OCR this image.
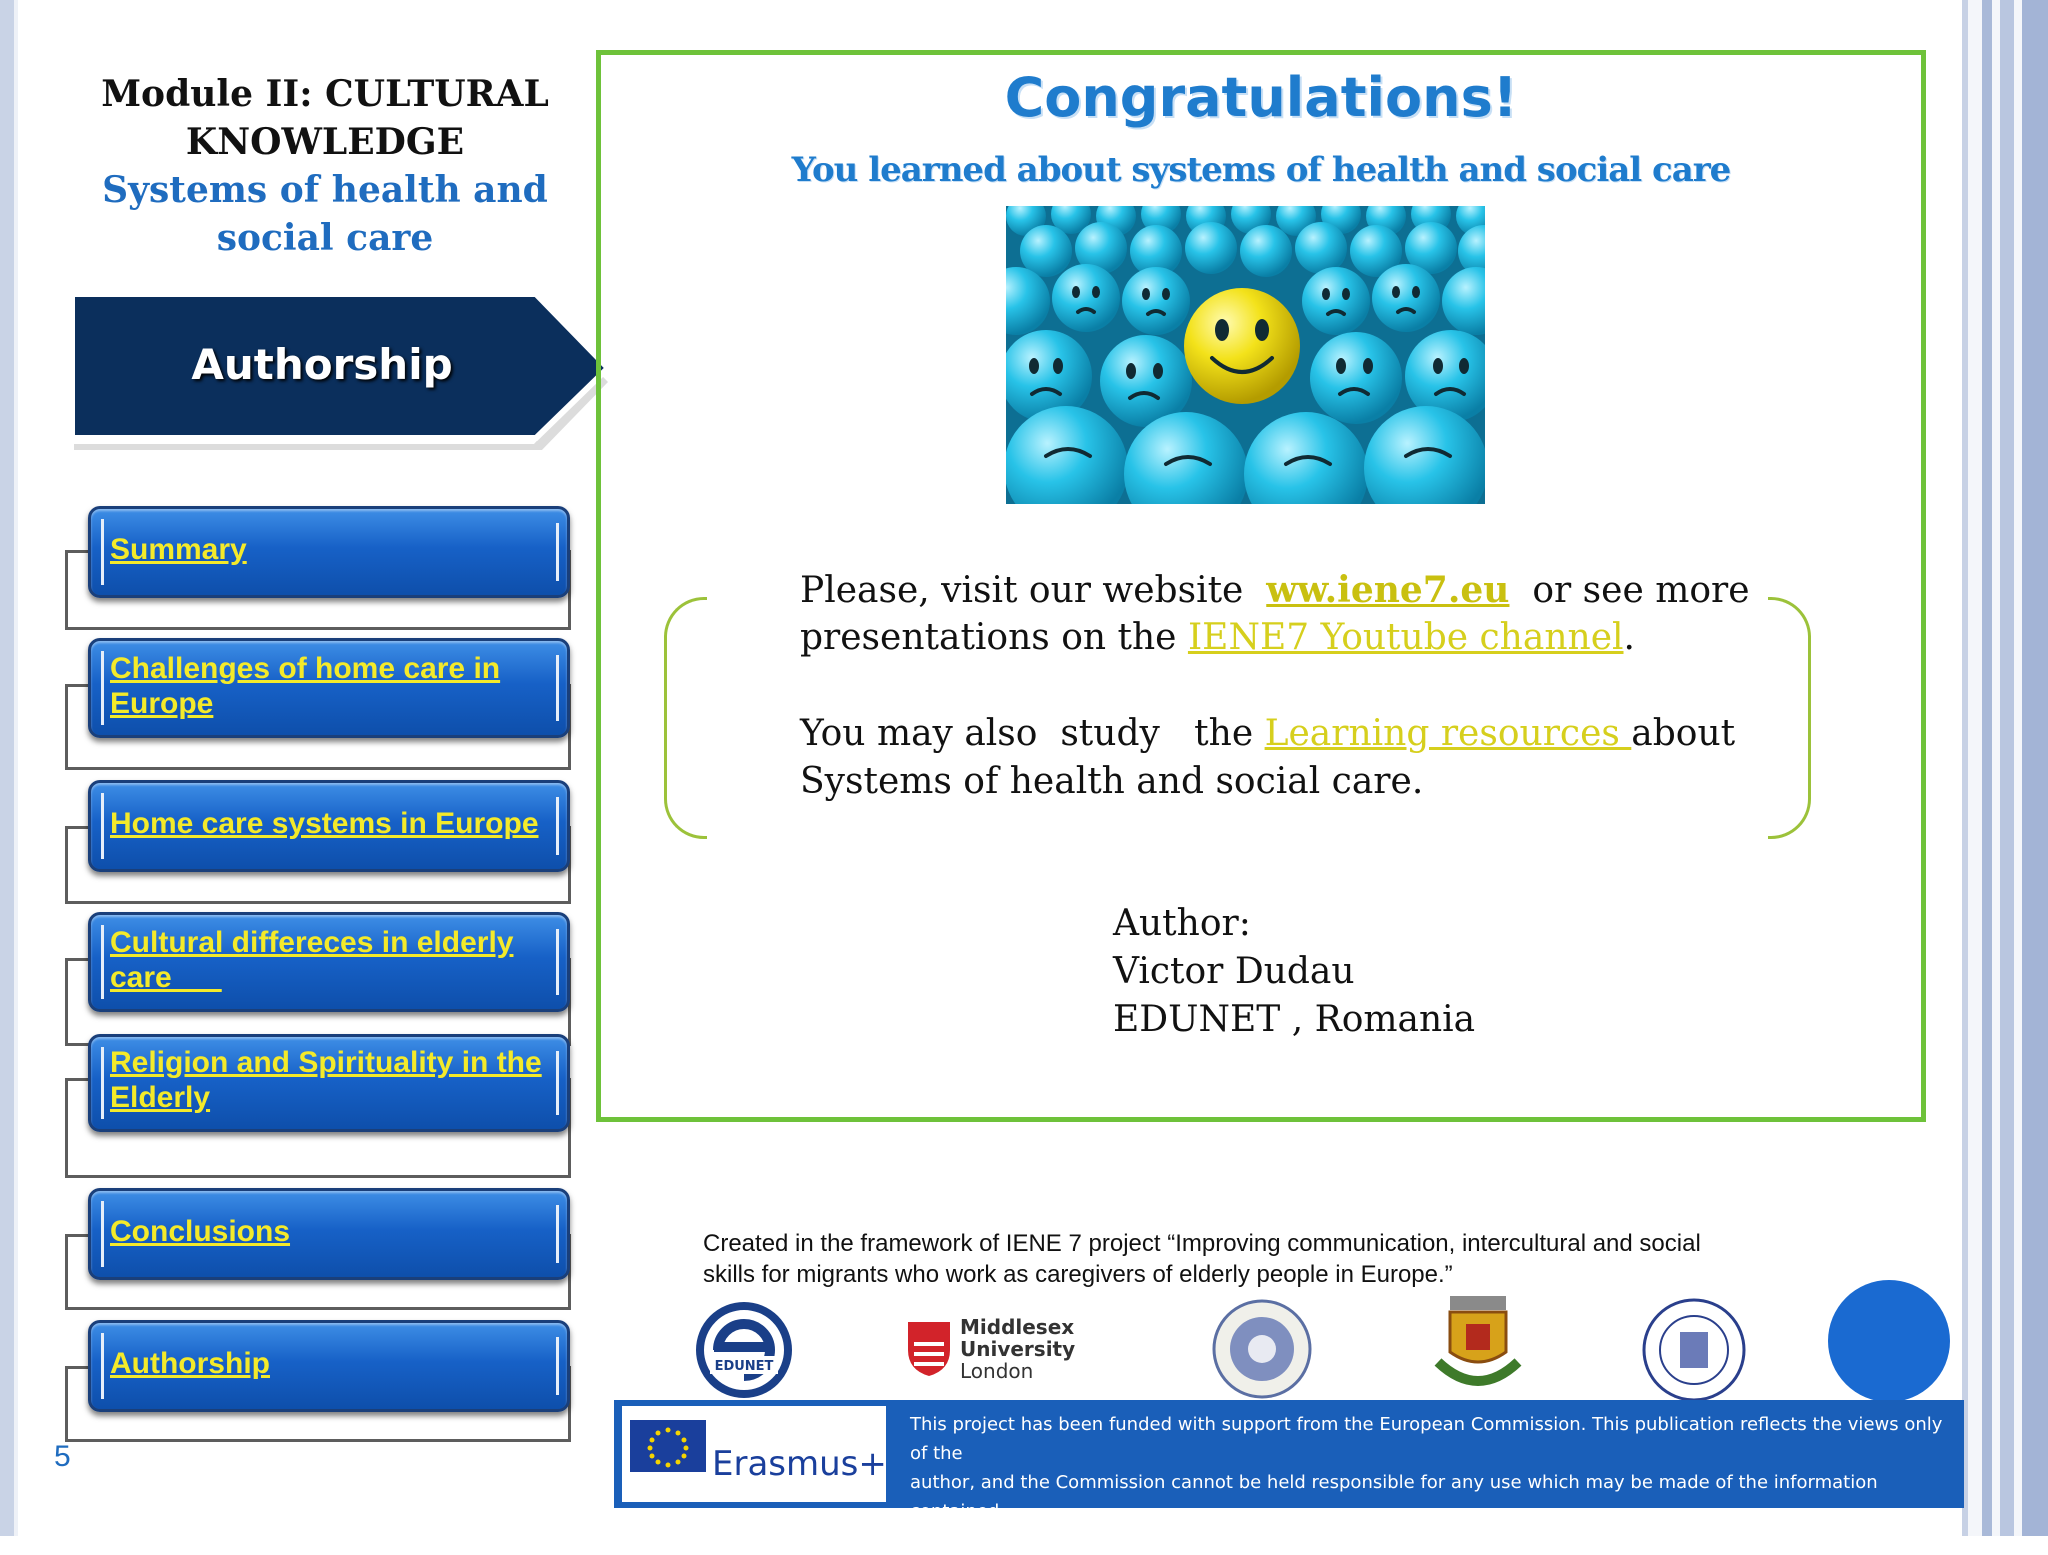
Module II: CULTURAL
KNOWLEDGE
Systems of health and
social care
Authorship
Summary
Challenges of home care in
Europe
Home care systems in Europe
Cultural differeces in elderly
care
Religion and Spirituality in the
Elderly
Conclusions
Authorship
Congratulations!
You learned about systems of health and social care
Please, visit our website ww.iene7.eu or see more
presentations on the IENE7 Youtube channel.
You may also  study   the Learning resources about
Systems of health and social care.
Author:
Victor Dudau
EDUNET , Romania
Created in the framework of IENE 7 project “Improving communication, intercultural and social
skills for migrants who work as caregivers of elderly people in Europe.”
EDUNET
Middlesex
University
London
Erasmus+
This project has been funded with support from the European Commission. This publication reflects the views only of the
author, and the Commission cannot be held responsible for any use which may be made of the information contained
therein.
5
